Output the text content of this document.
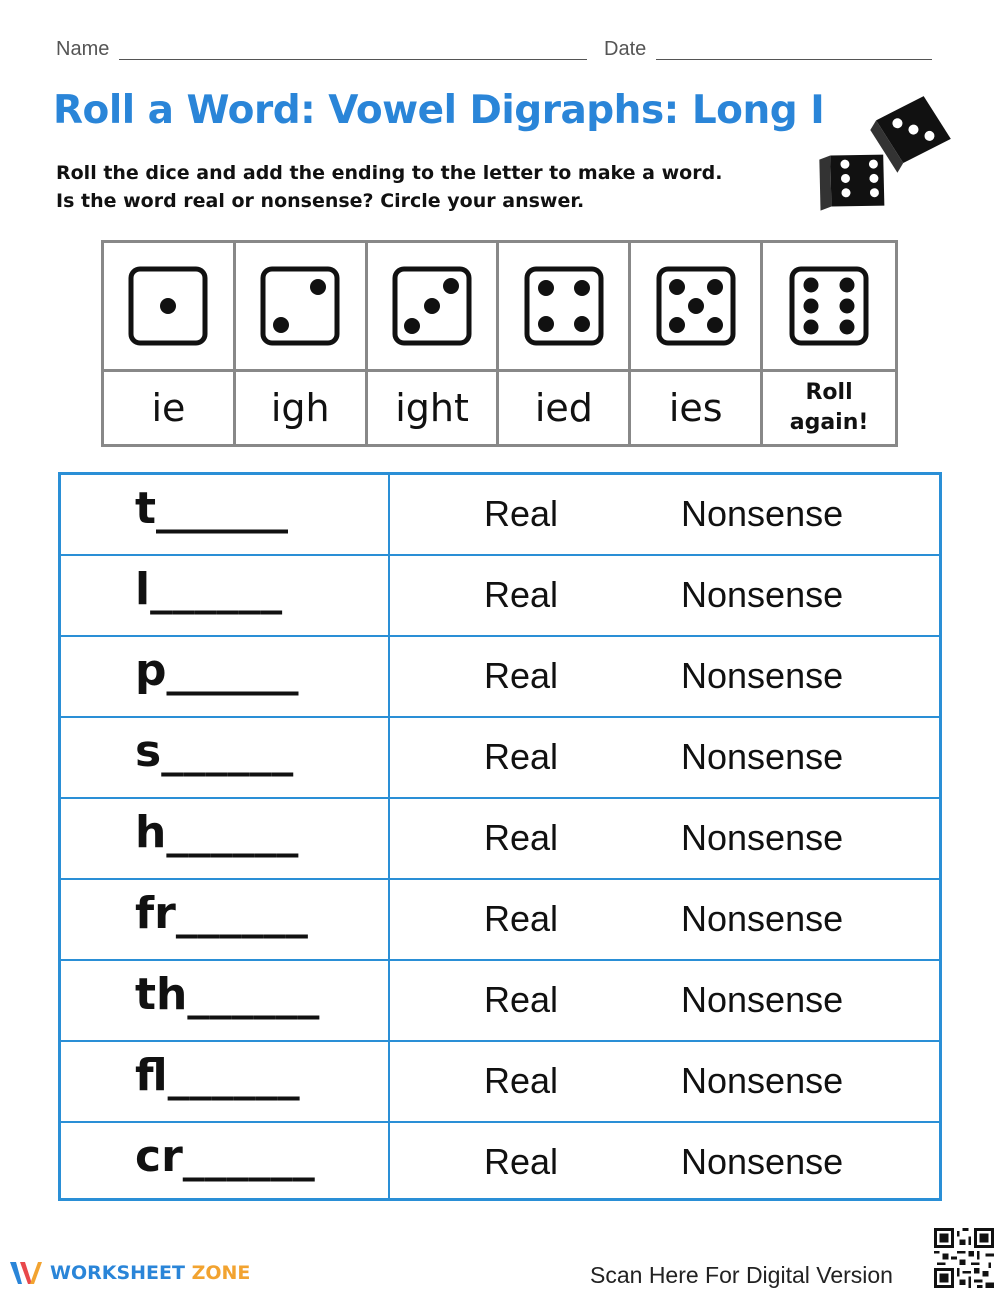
Name	Date
Roll a Word: Vowel Digraphs: Long I
Roll the dice and add the ending to the letter to make a word.
Is the word real or nonsense? Circle your answer.
ie igh ight ied ies	Roll
again!
t______	Real	Nonsense
l______	Real	Nonsense
p______	Real	Nonsense
s______	Real	Nonsense
h______	Real	Nonsense
fr______	Real	Nonsense
th______	Real	Nonsense
fl______	Real	Nonsense
cr______	Real	Nonsense
WORKSHEET ZONE	Scan Here For Digital Version
